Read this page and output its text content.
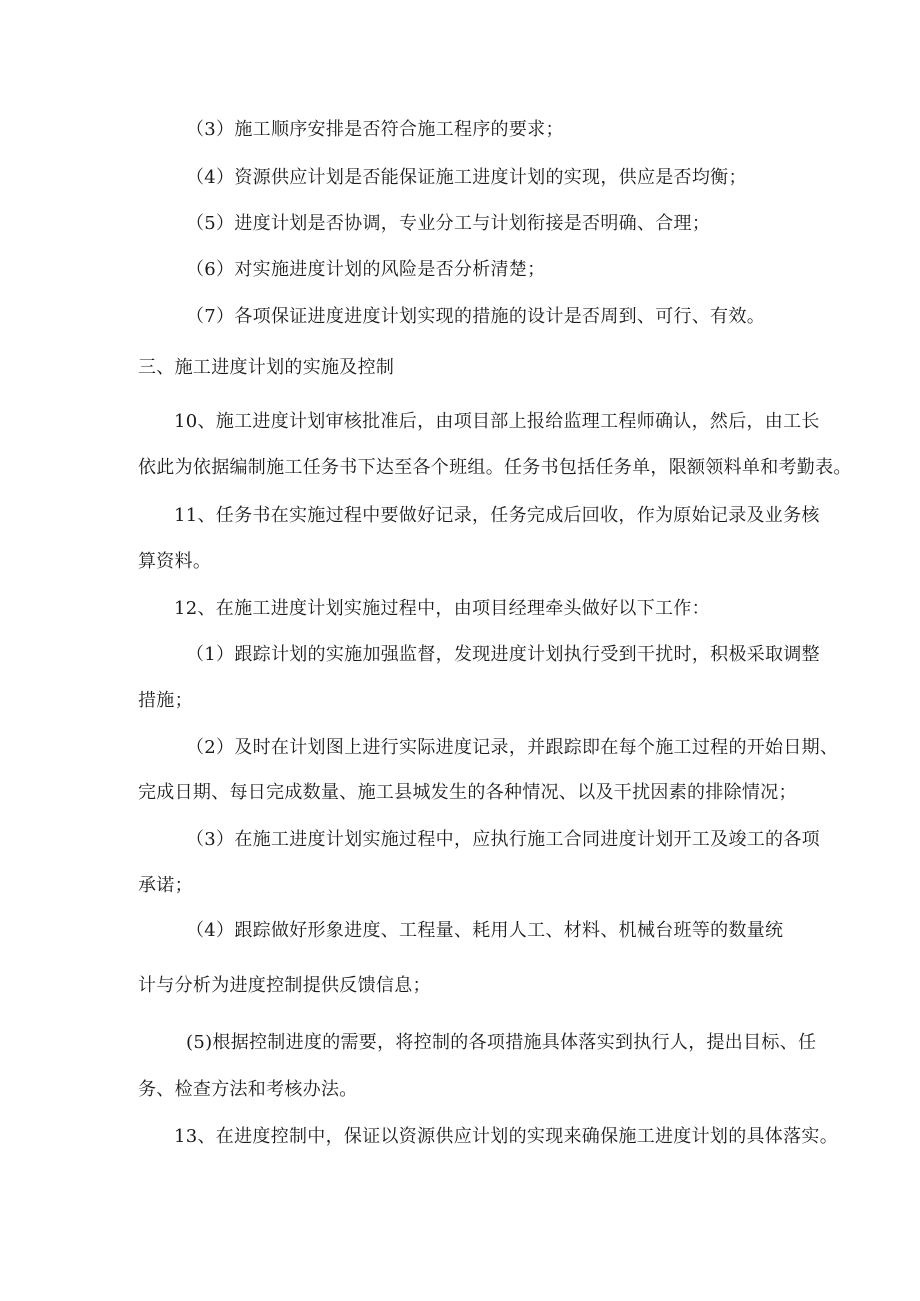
（3）施工顺序安排是否符合施工程序的要求；
（4）资源供应计划是否能保证施工进度计划的实现，供应是否均衡；
（5）进度计划是否协调，专业分工与计划衔接是否明确、合理；
（6）对实施进度计划的风险是否分析清楚；
（7）各项保证进度进度计划实现的措施的设计是否周到、可行、有效。
三、施工进度计划的实施及控制
10、施工进度计划审核批准后，由项目部上报给监理工程师确认，然后，由工长
依此为依据编制施工任务书下达至各个班组。任务书包括任务单，限额领料单和考勤表。
11、任务书在实施过程中要做好记录，任务完成后回收，作为原始记录及业务核
算资料。
12、在施工进度计划实施过程中，由项目经理牵头做好以下工作：
（1）跟踪计划的实施加强监督，发现进度计划执行受到干扰时，积极采取调整
措施；
（2）及时在计划图上进行实际进度记录，并跟踪即在每个施工过程的开始日期、
完成日期、每日完成数量、施工县城发生的各种情况、以及干扰因素的排除情况；
（3）在施工进度计划实施过程中，应执行施工合同进度计划开工及竣工的各项
承诺；
（4）跟踪做好形象进度、工程量、耗用人工、材料、机械台班等的数量统
计与分析为进度控制提供反馈信息；
(5)根据控制进度的需要，将控制的各项措施具体落实到执行人，提出目标、任
务、检查方法和考核办法。
13、在进度控制中，保证以资源供应计划的实现来确保施工进度计划的具体落实。
